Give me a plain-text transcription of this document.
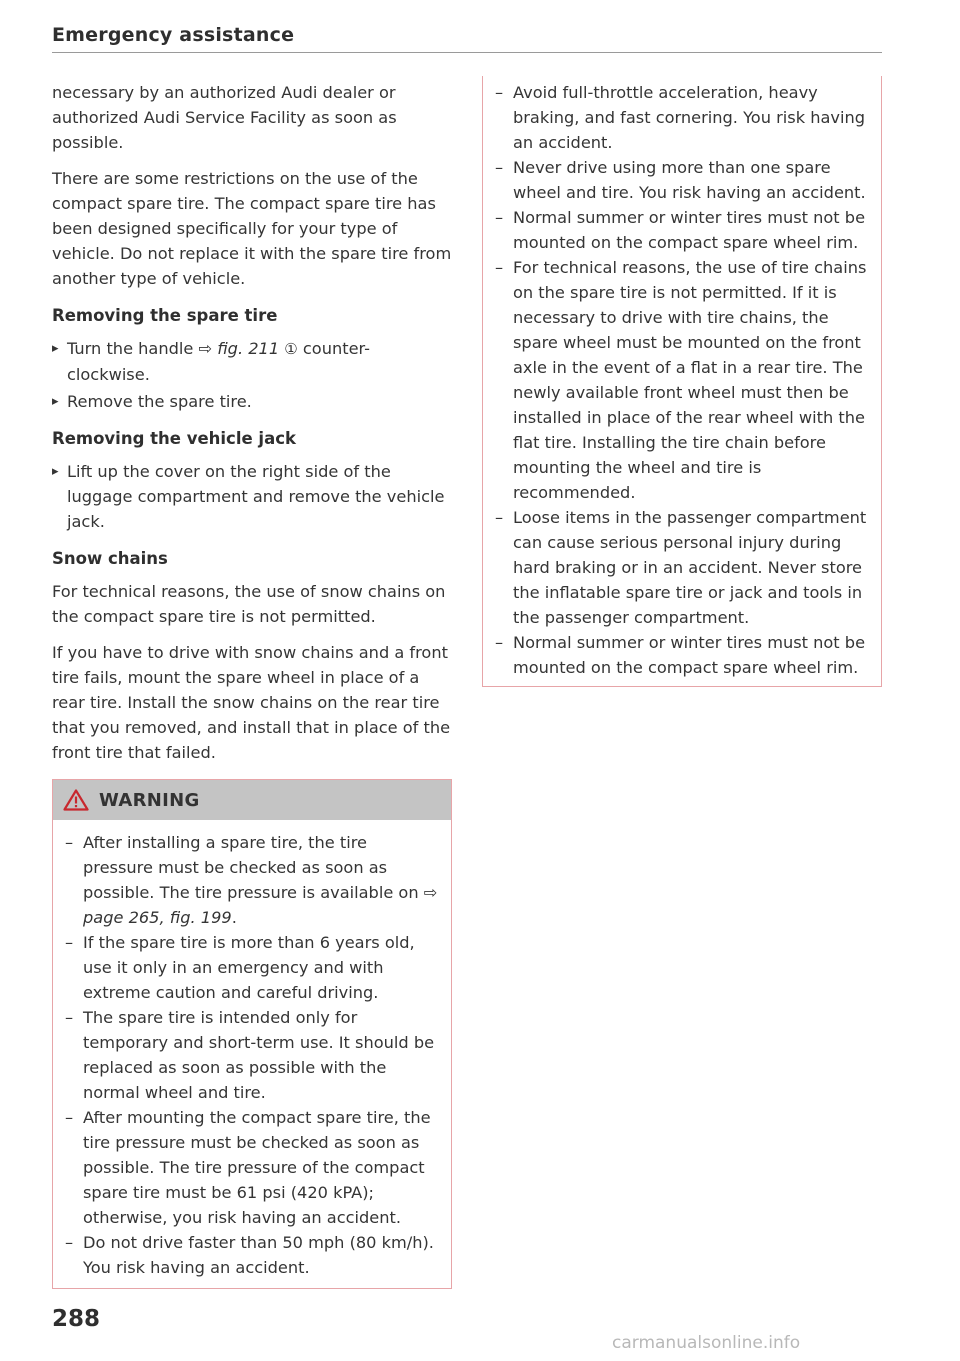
Emergency assistance

necessary by an authorized Audi dealer or authorized Audi Service Facility as soon as possible.

There are some restrictions on the use of the compact spare tire. The compact spare tire has been designed specifically for your type of vehicle. Do not replace it with the spare tire from another type of vehicle.

Removing the spare tire
▸ Turn the handle ⇨ fig. 211 ① counter-clockwise.
▸ Remove the spare tire.
Removing the vehicle jack
▸ Lift up the cover on the right side of the luggage compartment and remove the vehicle jack.
Snow chains

For technical reasons, the use of snow chains on the compact spare tire is not permitted.

If you have to drive with snow chains and a front tire fails, mount the spare wheel in place of a rear tire. Install the snow chains on the rear tire that you removed, and install that in place of the front tire that failed.

WARNING
– After installing a spare tire, the tire pressure must be checked as soon as possible. The tire pressure is available on ⇨ page 265, fig. 199.
– If the spare tire is more than 6 years old, use it only in an emergency and with extreme caution and careful driving.
– The spare tire is intended only for temporary and short-term use. It should be replaced as soon as possible with the normal wheel and tire.
– After mounting the compact spare tire, the tire pressure must be checked as soon as possible. The tire pressure of the compact spare tire must be 61 psi (420 kPA); otherwise, you risk having an accident.
– Do not drive faster than 50 mph (80 km/h). You risk having an accident.
– Avoid full-throttle acceleration, heavy braking, and fast cornering. You risk having an accident.
– Never drive using more than one spare wheel and tire. You risk having an accident.
– Normal summer or winter tires must not be mounted on the compact spare wheel rim.
– For technical reasons, the use of tire chains on the spare tire is not permitted. If it is necessary to drive with tire chains, the spare wheel must be mounted on the front axle in the event of a flat in a rear tire. The newly available front wheel must then be installed in place of the rear wheel with the flat tire. Installing the tire chain before mounting the wheel and tire is recommended.
– Loose items in the passenger compartment can cause serious personal injury during hard braking or in an accident. Never store the inflatable spare tire or jack and tools in the passenger compartment.
– Normal summer or winter tires must not be mounted on the compact spare wheel rim.
288
carmanualsonline.info
